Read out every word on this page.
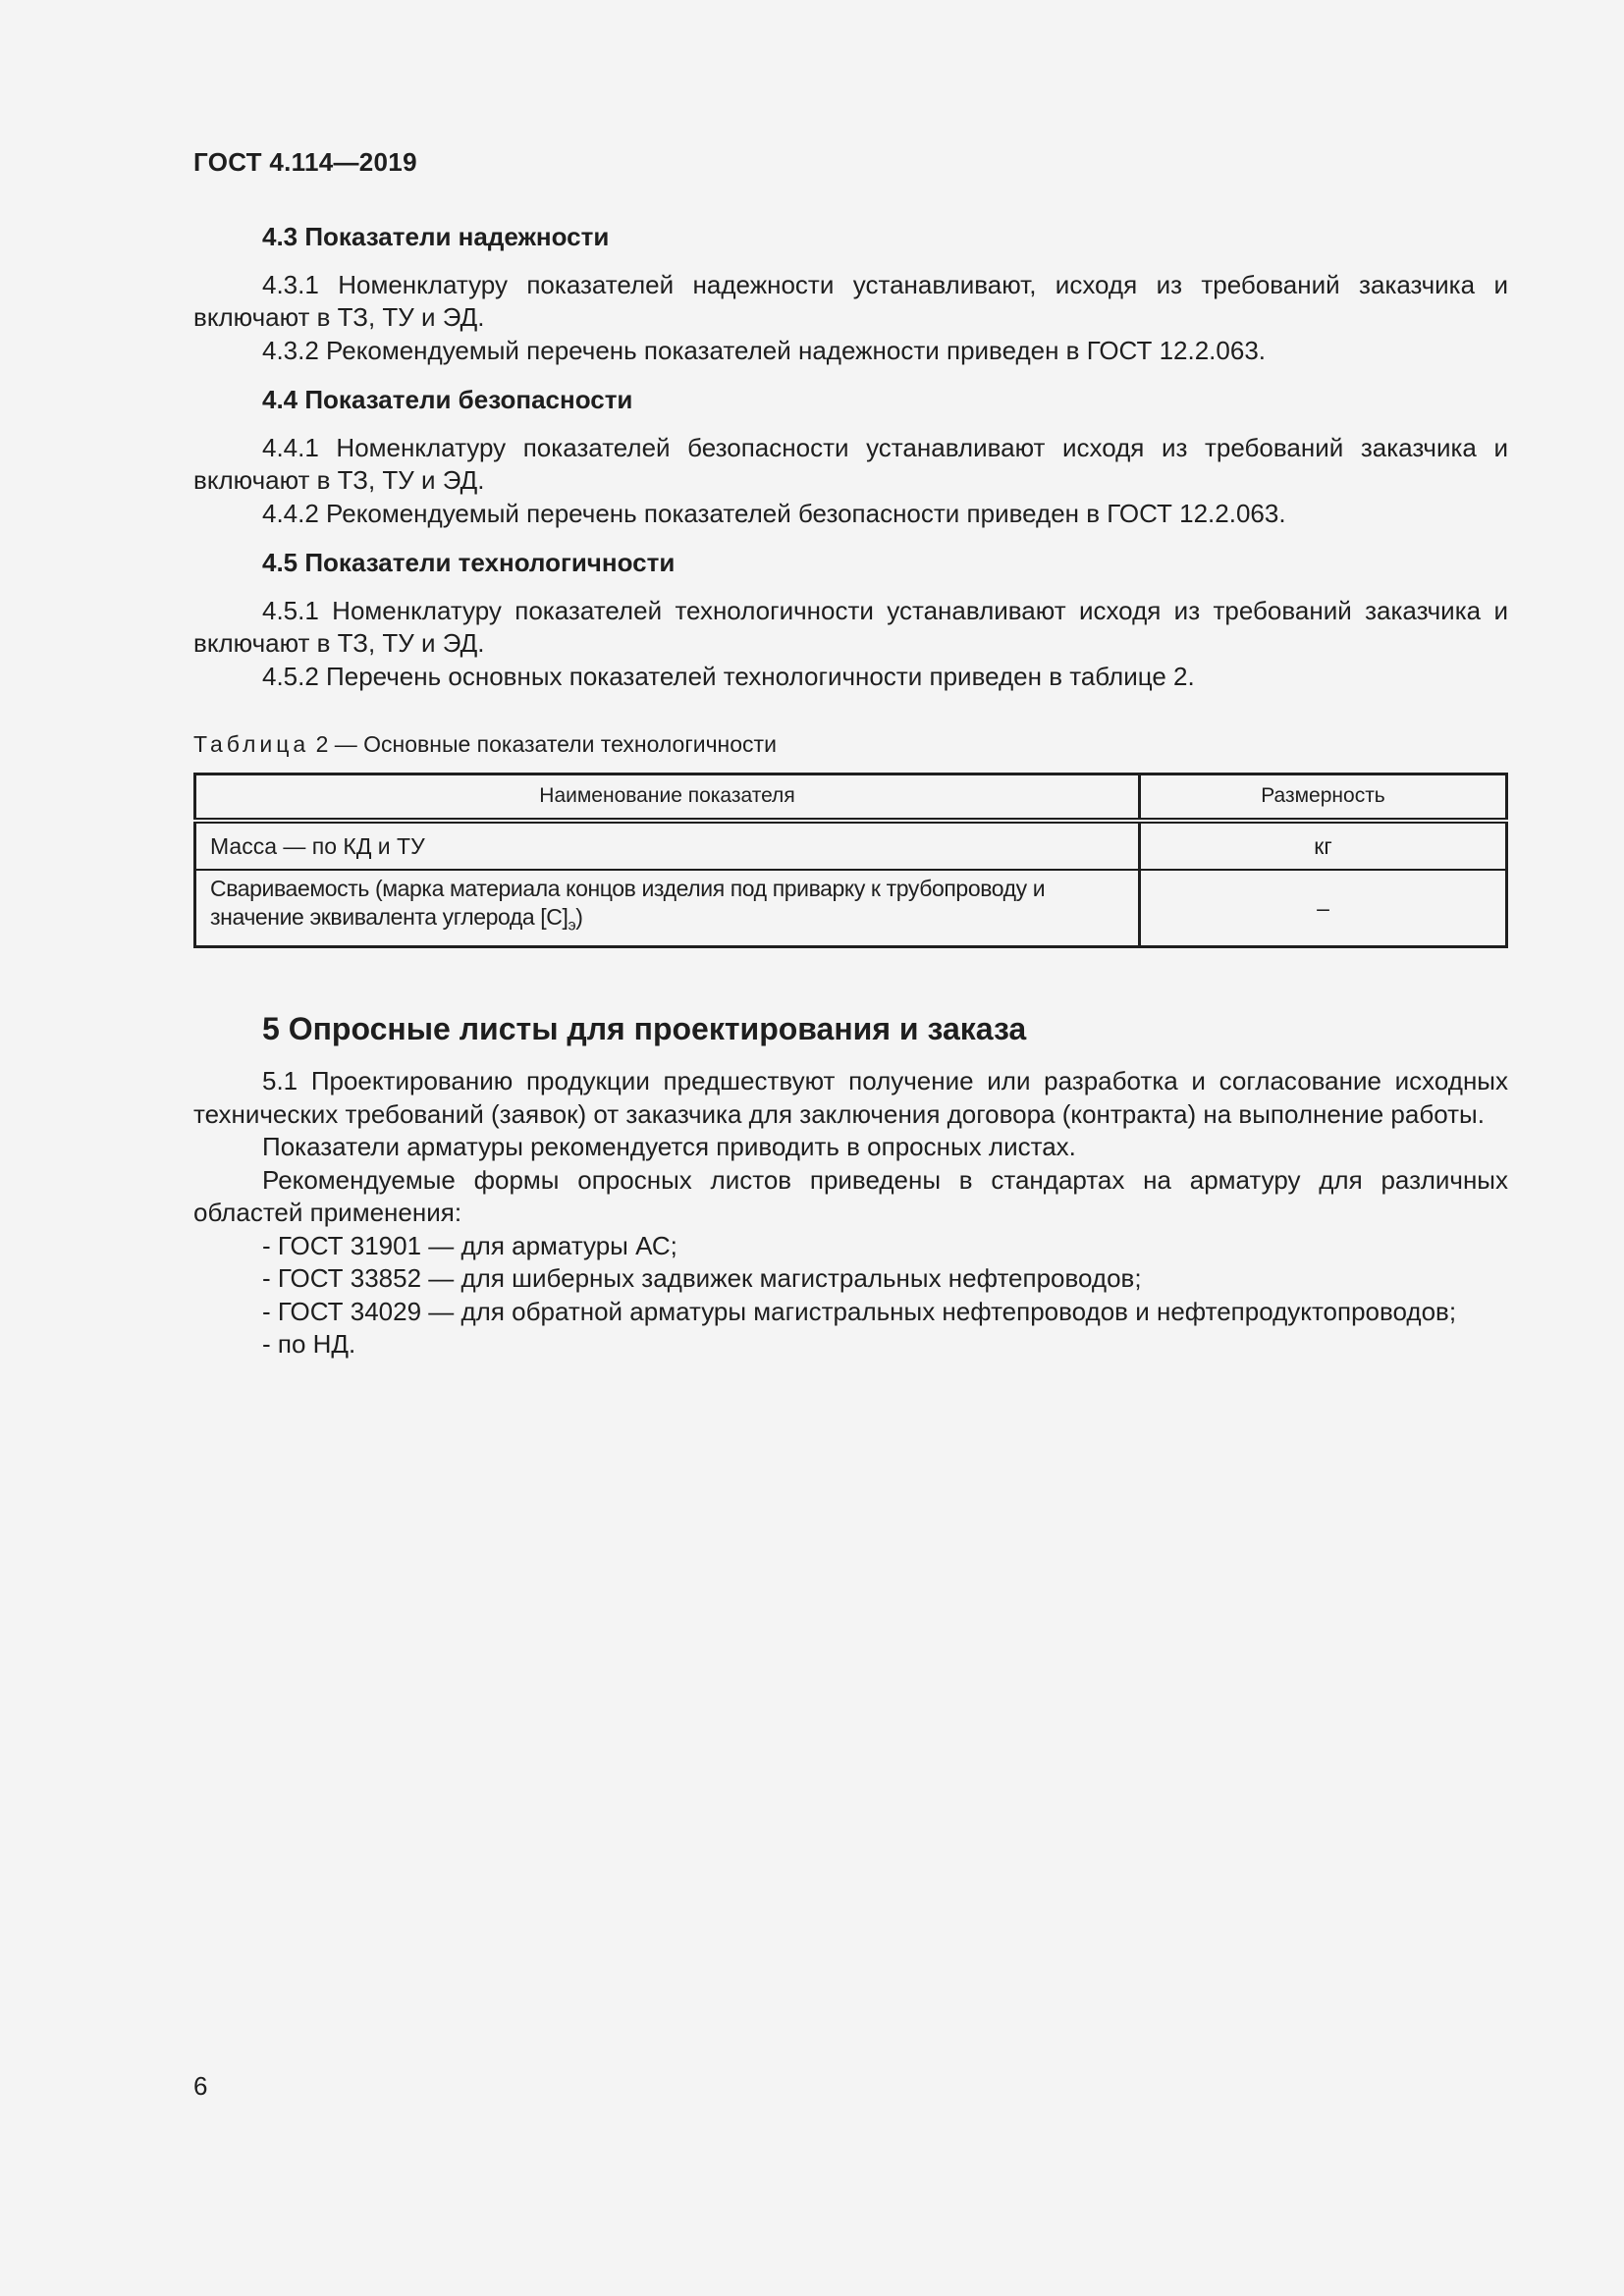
ГОСТ 4.114—2019
4.3 Показатели надежности

4.3.1 Номенклатуру показателей надежности устанавливают, исходя из требований заказчика и включают в ТЗ, ТУ и ЭД.

4.3.2 Рекомендуемый перечень показателей надежности приведен в ГОСТ 12.2.063.

4.4 Показатели безопасности

4.4.1 Номенклатуру показателей безопасности устанавливают исходя из требований заказчика и включают в ТЗ, ТУ и ЭД.

4.4.2 Рекомендуемый перечень показателей безопасности приведен в ГОСТ 12.2.063.

4.5 Показатели технологичности

4.5.1 Номенклатуру показателей технологичности устанавливают исходя из требований заказчика и включают в ТЗ, ТУ и ЭД.

4.5.2 Перечень основных показателей технологичности приведен в таблице 2.

Таблица 2 — Основные показатели технологичности
Наименование показателя	Размерность
Масса — по КД и ТУ	кг
Свариваемость (марка материала концов изделия под приварку к трубопроводу и значение эквивалента углерода $[С]_э$)	–
5 Опросные листы для проектирования и заказа

5.1 Проектированию продукции предшествуют получение или разработка и согласование исходных технических требований (заявок) от заказчика для заключения договора (контракта) на выполнение работы.

Показатели арматуры рекомендуется приводить в опросных листах.

Рекомендуемые формы опросных листов приведены в стандартах на арматуру для различных областей применения:

- ГОСТ 31901 — для арматуры АС;

- ГОСТ 33852 — для шиберных задвижек магистральных нефтепроводов;

- ГОСТ 34029 — для обратной арматуры магистральных нефтепроводов и нефтепродуктопроводов;

- по НД.

6
